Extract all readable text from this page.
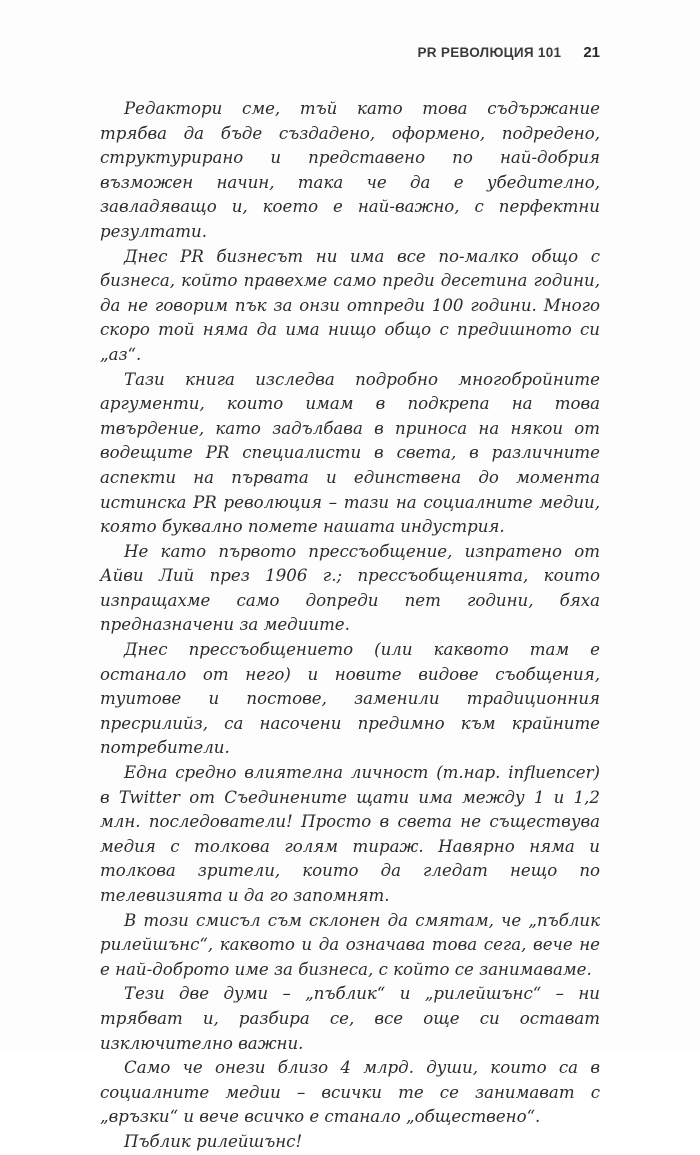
PR РЕВОЛЮЦИЯ 101 21

Редактори сме, тъй като това съдържание трябва да бъде създадено, оформено, подредено, структурирано и представено по най-добрия възможен начин, така че да е убедително, завладяващо и, което е най-важно, с перфектни резултати.

Днес PR бизнесът ни има все по-малко общо с бизнеса, който правехме само преди десетина години, да не говорим пък за онзи отпреди 100 години. Много скоро той няма да има нищо общо с предишното си „аз“.

Тази книга изследва подробно многобройните аргументи, които имам в подкрепа на това твърдение, като задълбава в приноса на някои от водещите PR специалисти в света, в различните аспекти на първата и единствена до момента истинска PR революция – тази на социалните медии, която буквално помете нашата индустрия.

Не като първото прессъобщение, изпратено от Айви Лий през 1906 г.; прессъобщенията, които изпращахме само допреди пет години, бяха предназначени за медиите.

Днес прессъобщението (или каквото там е останало от него) и новите видове съобщения, туитове и постове, заменили традиционния пресрилийз, са насочени предимно към крайните потребители.

Една средно влиятелна личност (т.нар. influencer) в Twitter от Съединените щати има между 1 и 1,2 млн. последователи! Просто в света не съществува медия с толкова голям тираж. Навярно няма и толкова зрители, които да гледат нещо по телевизията и да го запомнят.

В този смисъл съм склонен да смятам, че „пъблик рилейшънс“, каквото и да означава това сега, вече не е най-доброто име за бизнеса, с който се занимаваме.

Тези две думи – „пъблик“ и „рилейшънс“ – ни трябват и, разбира се, все още си остават изключително важни.

Само че онези близо 4 млрд. души, които са в социалните медии – всички те се занимават с „връзки“ и вече всичко е станало „обществено“.

Пъблик рилейшънс!
